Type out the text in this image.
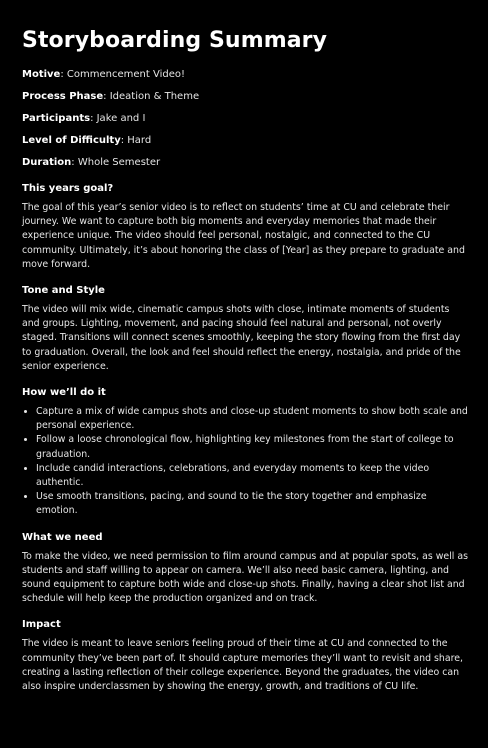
Storyboarding Summary
Motive: Commencement Video!
Process Phase: Ideation & Theme
Participants: Jake and I
Level of Difficulty: Hard
Duration: Whole Semester
This years goal?

The goal of this year’s senior video is to reflect on students’ time at CU and celebrate their journey. We want to capture both big moments and everyday memories that made their experience unique. The video should feel personal, nostalgic, and connected to the CU community. Ultimately, it’s about honoring the class of [Year] as they prepare to graduate and move forward.

Tone and Style

The video will mix wide, cinematic campus shots with close, intimate moments of students and groups. Lighting, movement, and pacing should feel natural and personal, not overly staged. Transitions will connect scenes smoothly, keeping the story flowing from the first day to graduation. Overall, the look and feel should reflect the energy, nostalgia, and pride of the senior experience.

How we’ll do it
• Capture a mix of wide campus shots and close-up student moments to show both scale and personal experience.
• Follow a loose chronological flow, highlighting key milestones from the start of college to graduation.
• Include candid interactions, celebrations, and everyday moments to keep the video authentic.
• Use smooth transitions, pacing, and sound to tie the story together and emphasize emotion.
What we need

To make the video, we need permission to film around campus and at popular spots, as well as students and staff willing to appear on camera. We’ll also need basic camera, lighting, and sound equipment to capture both wide and close-up shots. Finally, having a clear shot list and schedule will help keep the production organized and on track.

Impact

The video is meant to leave seniors feeling proud of their time at CU and connected to the community they’ve been part of. It should capture memories they’ll want to revisit and share, creating a lasting reflection of their college experience. Beyond the graduates, the video can also inspire underclassmen by showing the energy, growth, and traditions of CU life.
